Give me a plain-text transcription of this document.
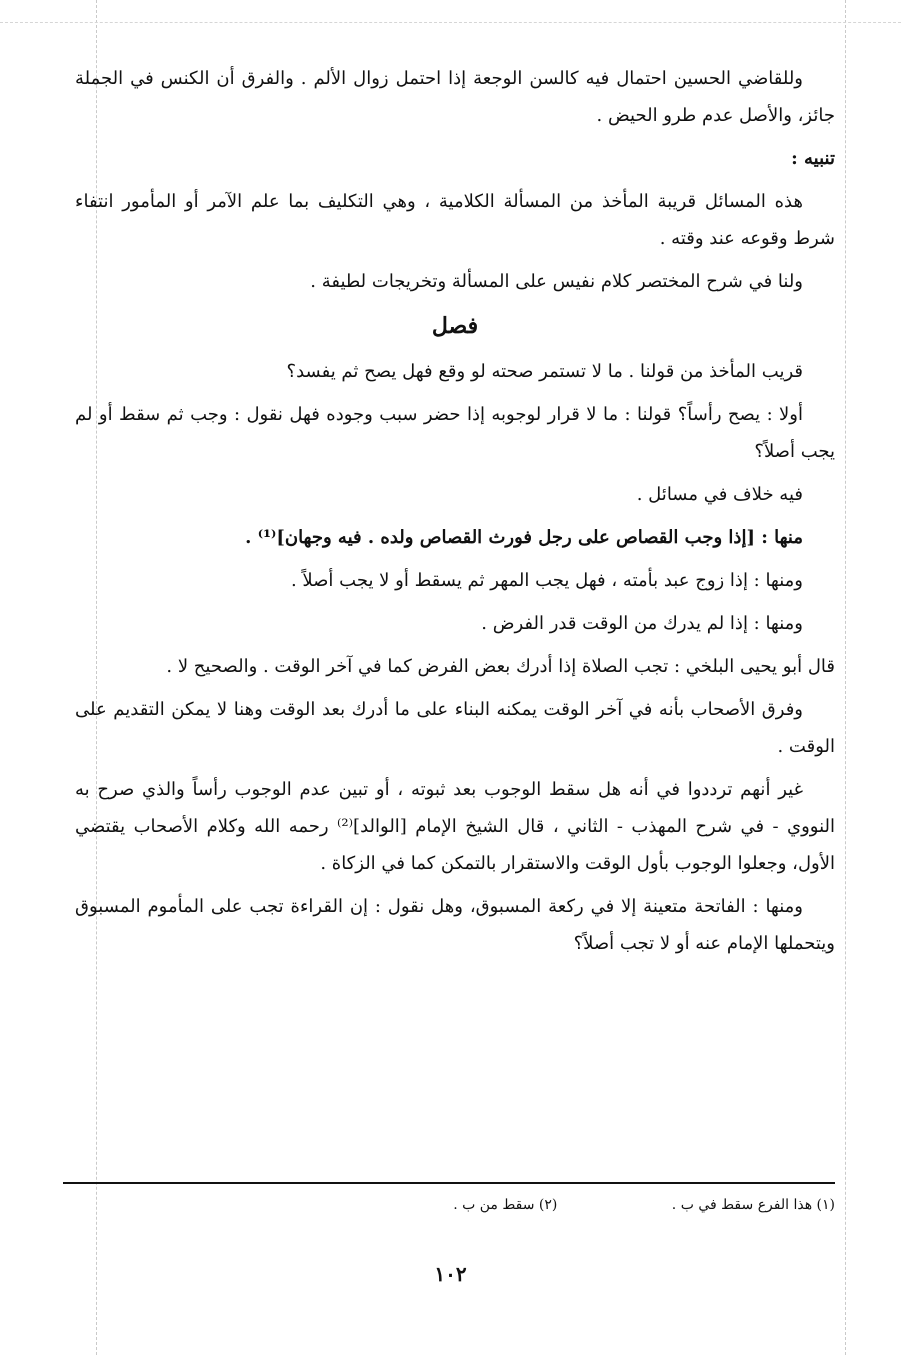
وللقاضي الحسين احتمال فيه كالسن الوجعة إذا احتمل زوال الألم . والفرق أن الكنس في الجملة جائز، والأصل عدم طرو الحيض .

تنبيه :

هذه المسائل قريبة المأخذ من المسألة الكلامية ، وهي التكليف بما علم الآمر أو المأمور انتفاء شرط وقوعه عند وقته .

ولنا في شرح المختصر كلام نفيس على المسألة وتخريجات لطيفة .

فصل

قريب المأخذ من قولنا . ما لا تستمر صحته لو وقع فهل يصح ثم يفسد؟

أولا : يصح رأساً؟ قولنا : ما لا قرار لوجوبه إذا حضر سبب وجوده فهل نقول : وجب ثم سقط أو لم يجب أصلاً؟

فيه خلاف في مسائل .

منها : [إذا وجب القصاص على رجل فورث القصاص ولده . فيه وجهان]⁽¹⁾ .

ومنها : إذا زوج عبد بأمته ، فهل يجب المهر ثم يسقط أو لا يجب أصلاً .

ومنها : إذا لم يدرك من الوقت قدر الفرض .

قال أبو يحيى البلخي : تجب الصلاة إذا أدرك بعض الفرض كما في آخر الوقت . والصحيح لا .

وفرق الأصحاب بأنه في آخر الوقت يمكنه البناء على ما أدرك بعد الوقت وهنا لا يمكن التقديم على الوقت .

غير أنهم ترددوا في أنه هل سقط الوجوب بعد ثبوته ، أو تبين عدم الوجوب رأساً والذي صرح به النووي - في شرح المهذب - الثاني ، قال الشيخ الإمام [الوالد]⁽²⁾ رحمه الله وكلام الأصحاب يقتضي الأول، وجعلوا الوجوب بأول الوقت والاستقرار بالتمكن كما في الزكاة .

ومنها : الفاتحة متعينة إلا في ركعة المسبوق، وهل نقول : إن القراءة تجب على المأموم المسبوق ويتحملها الإمام عنه أو لا تجب أصلاً؟

(١) هذا الفرع سقط في ب . (٢) سقط من ب .
١٠٢
